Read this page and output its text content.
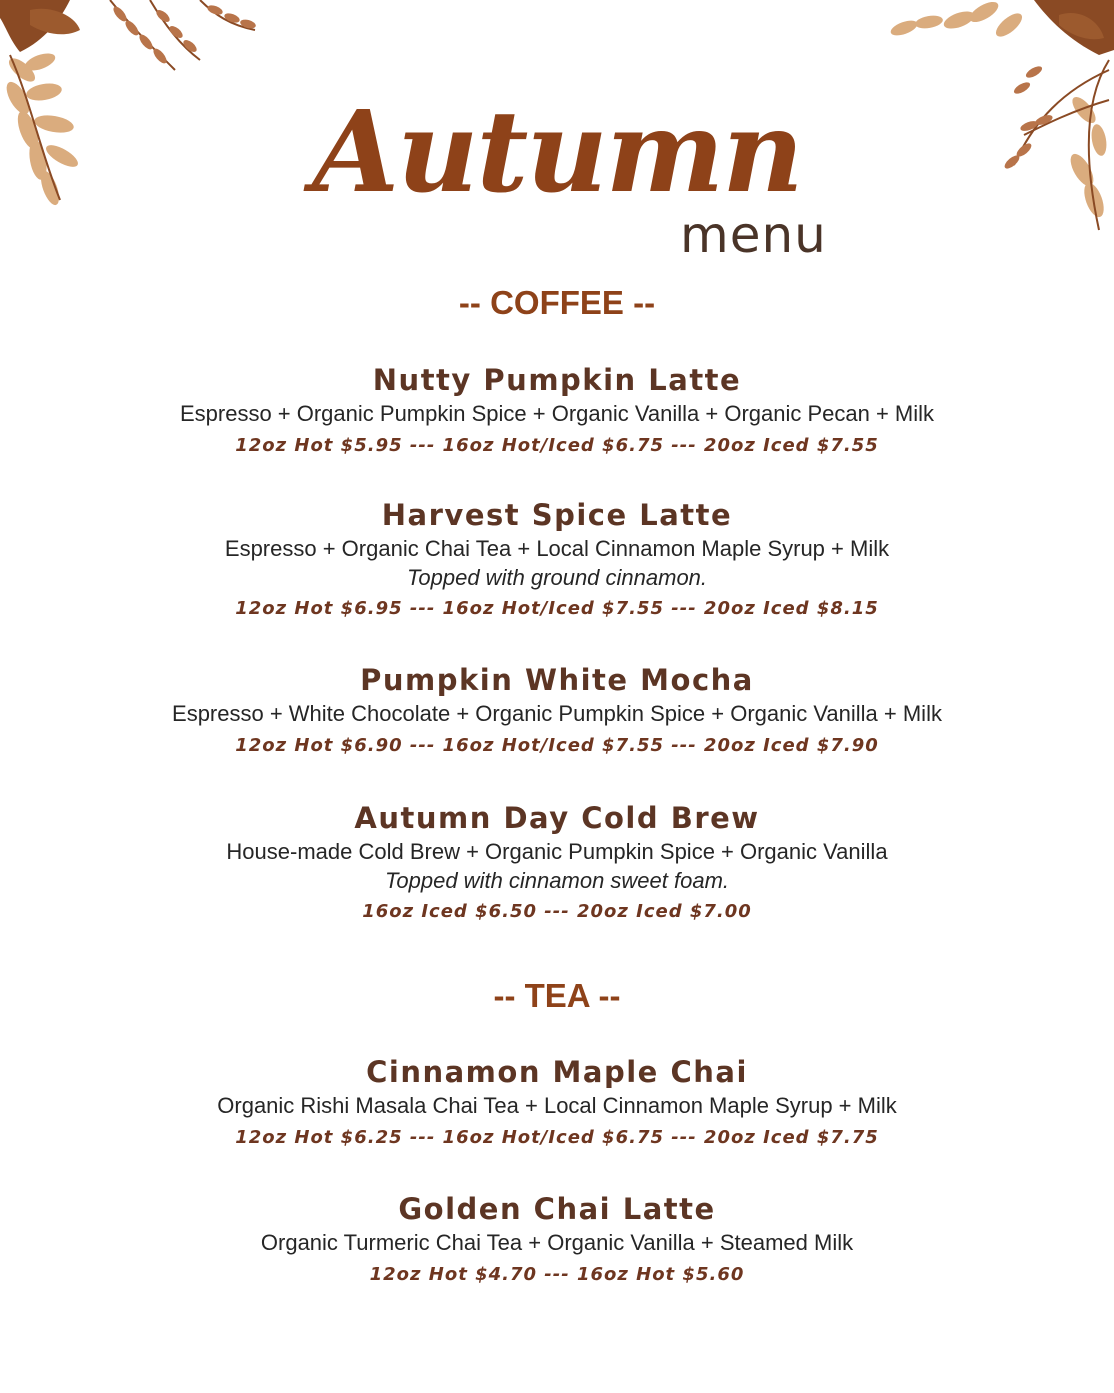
Autumn
menu
-- COFFEE --
Nutty Pumpkin Latte
Espresso + Organic Pumpkin Spice + Organic Vanilla + Organic Pecan + Milk
12oz Hot $5.95 --- 16oz Hot/Iced $6.75 --- 20oz Iced $7.55
Harvest Spice Latte
Espresso + Organic Chai Tea + Local Cinnamon Maple Syrup + Milk
Topped with ground cinnamon.
12oz Hot $6.95 --- 16oz Hot/Iced $7.55 --- 20oz Iced $8.15
Pumpkin White Mocha
Espresso + White Chocolate + Organic Pumpkin Spice + Organic Vanilla + Milk
12oz Hot $6.90 --- 16oz Hot/Iced $7.55 --- 20oz Iced $7.90
Autumn Day Cold Brew
House-made Cold Brew + Organic Pumpkin Spice + Organic Vanilla
Topped with cinnamon sweet foam.
16oz Iced $6.50 --- 20oz Iced $7.00
-- TEA --
Cinnamon Maple Chai
Organic Rishi Masala Chai Tea + Local Cinnamon Maple Syrup + Milk
12oz Hot $6.25 --- 16oz Hot/Iced $6.75 --- 20oz Iced $7.75
Golden Chai Latte
Organic Turmeric Chai Tea + Organic Vanilla + Steamed Milk
12oz Hot $4.70 --- 16oz Hot $5.60
